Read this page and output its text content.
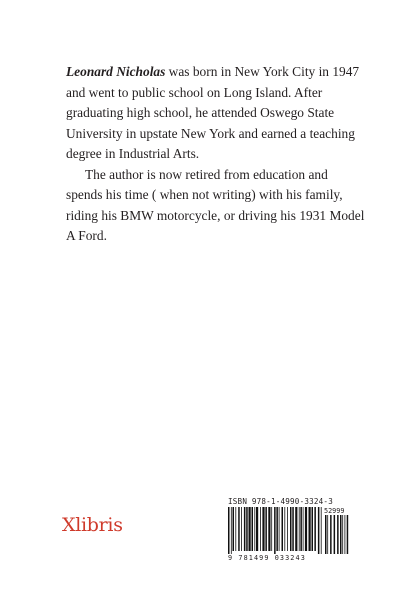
Leonard Nicholas was born in New York City in 1947 and went to public school on Long Island. After graduating high school, he attended Oswego State University in upstate New York and earned a teaching degree in Industrial Arts.

The author is now retired from education and spends his time ( when not writing) with his family, riding his BMW motorcycle, or driving his 1931 Model A Ford.

Xlibris
ISBN 978-1-4990-3324-3
52999
9 781499 033243
